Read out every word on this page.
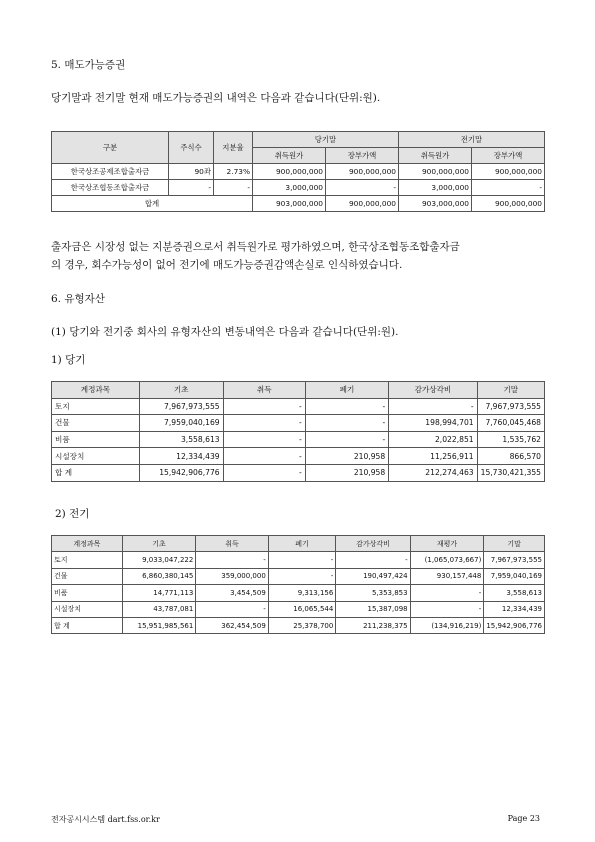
5. 매도가능증권
당기말과 전기말 현재 매도가능증권의 내역은 다음과 같습니다(단위:원).
구분	주식수	지분율	당기말		전기말	
			취득원가	장부가액	취득원가	장부가액
한국상조공제조합출자금	90좌	2.73%	900,000,000	900,000,000	900,000,000	900,000,000
한국상조협동조합출자금	-	-	3,000,000	-	3,000,000	-
합계			903,000,000	900,000,000	903,000,000	900,000,000
출자금은 시장성 없는 지분증권으로서 취득원가로 평가하였으며, 한국상조협동조합출자금
의 경우, 회수가능성이 없어 전기에 매도가능증권감액손실로 인식하였습니다.
6. 유형자산
(1) 당기와 전기중 회사의 유형자산의 변동내역은 다음과 같습니다(단위:원).
1) 당기
계정과목	기초	취득	폐기	감가상각비	기말
토지	7,967,973,555	-	-	-	7,967,973,555
건물	7,959,040,169	-	-	198,994,701	7,760,045,468
비품	3,558,613	-	-	2,022,851	1,535,762
시설장치	12,334,439	-	210,958	11,256,911	866,570
합 계	15,942,906,776	-	210,958	212,274,463	15,730,421,355
2) 전기
계정과목	기초	취득	폐기	감가상각비	재평가	기말
토지	9,033,047,222	-	-	-	(1,065,073,667)	7,967,973,555
건물	6,860,380,145	359,000,000	-	190,497,424	930,157,448	7,959,040,169
비품	14,771,113	3,454,509	9,313,156	5,353,853	-	3,558,613
시설장치	43,787,081	-	16,065,544	15,387,098	-	12,334,439
합 계	15,951,985,561	362,454,509	25,378,700	211,238,375	(134,916,219)	15,942,906,776
전자공시시스템 dart.fss.or.kr	Page 23
